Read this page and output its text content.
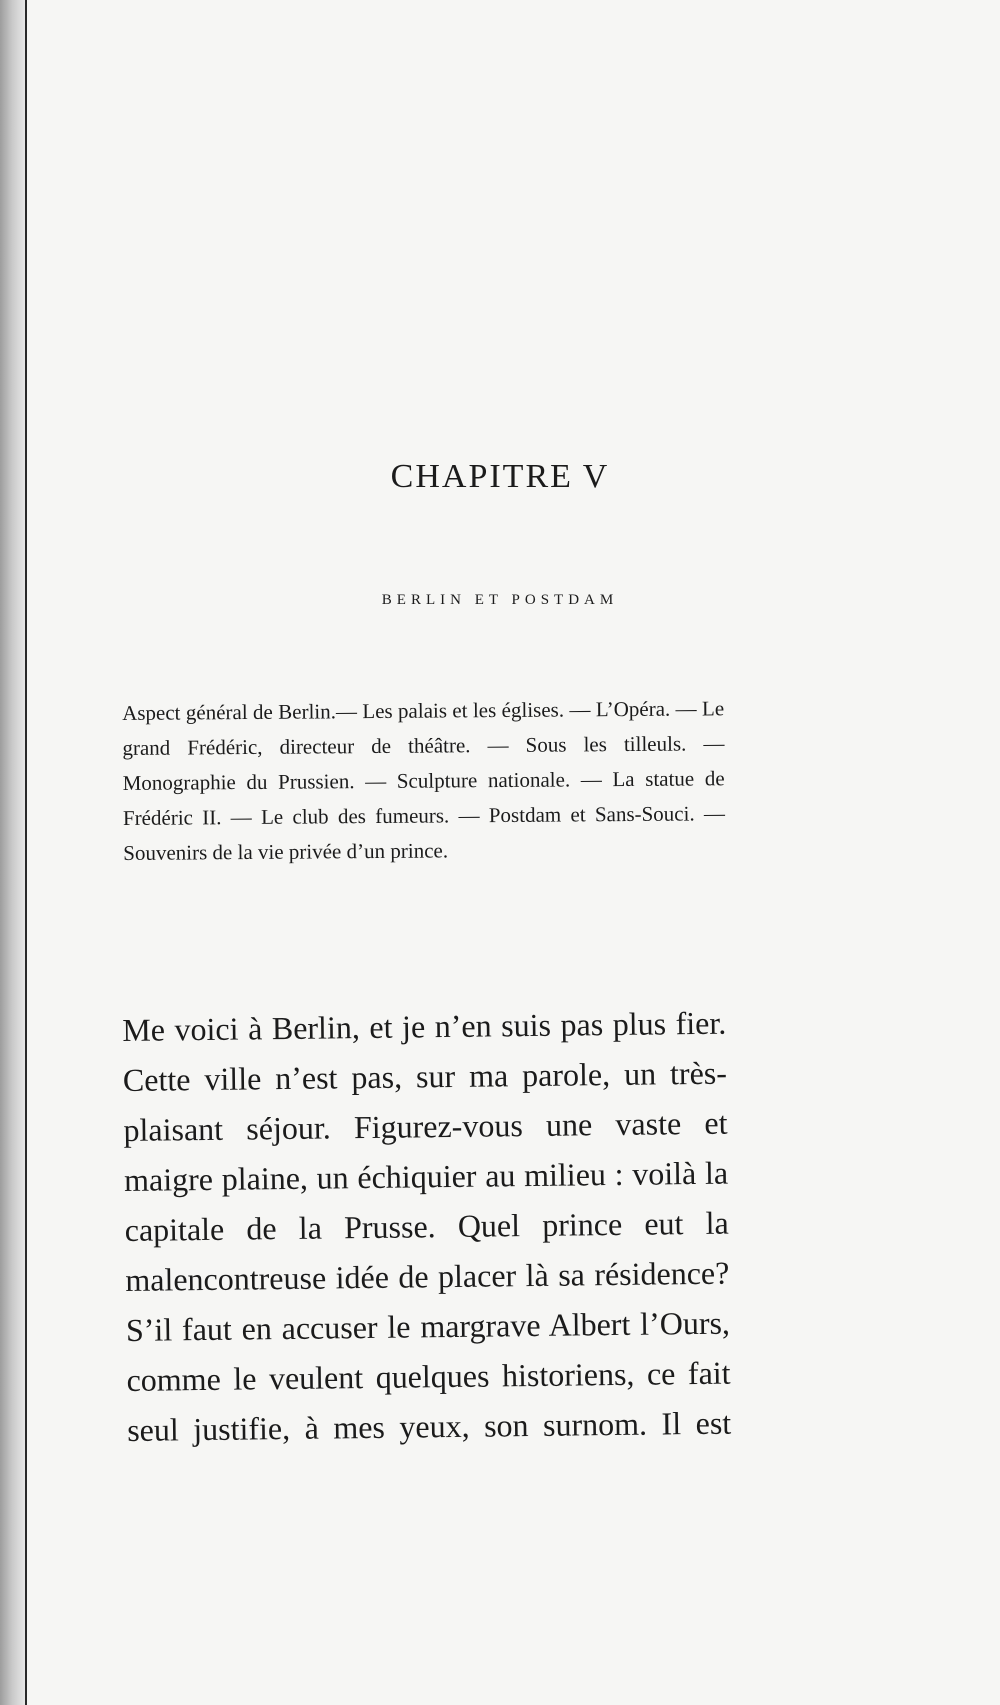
CHAPITRE V
BERLIN ET POSTDAM
Aspect général de Berlin.— Les palais et les églises. — L’Opéra. — Le grand Frédéric, directeur de théâtre. — Sous les tilleuls. — Monographie du Prussien. — Sculpture nationale. — La statue de Frédéric II. — Le club des fumeurs. — Postdam et Sans-Souci. — Souvenirs de la vie privée d’un prince.
Me voici à Berlin, et je n’en suis pas plus fier. Cette ville n’est pas, sur ma parole, un très-plaisant séjour. Figurez-vous une vaste et maigre plaine, un échiquier au milieu : voilà la capitale de la Prusse. Quel prince eut la malencontreuse idée de placer là sa résidence? S’il faut en accuser le margrave Albert l’Ours, comme le veulent quelques historiens, ce fait seul justifie, à mes yeux, son surnom. Il est
